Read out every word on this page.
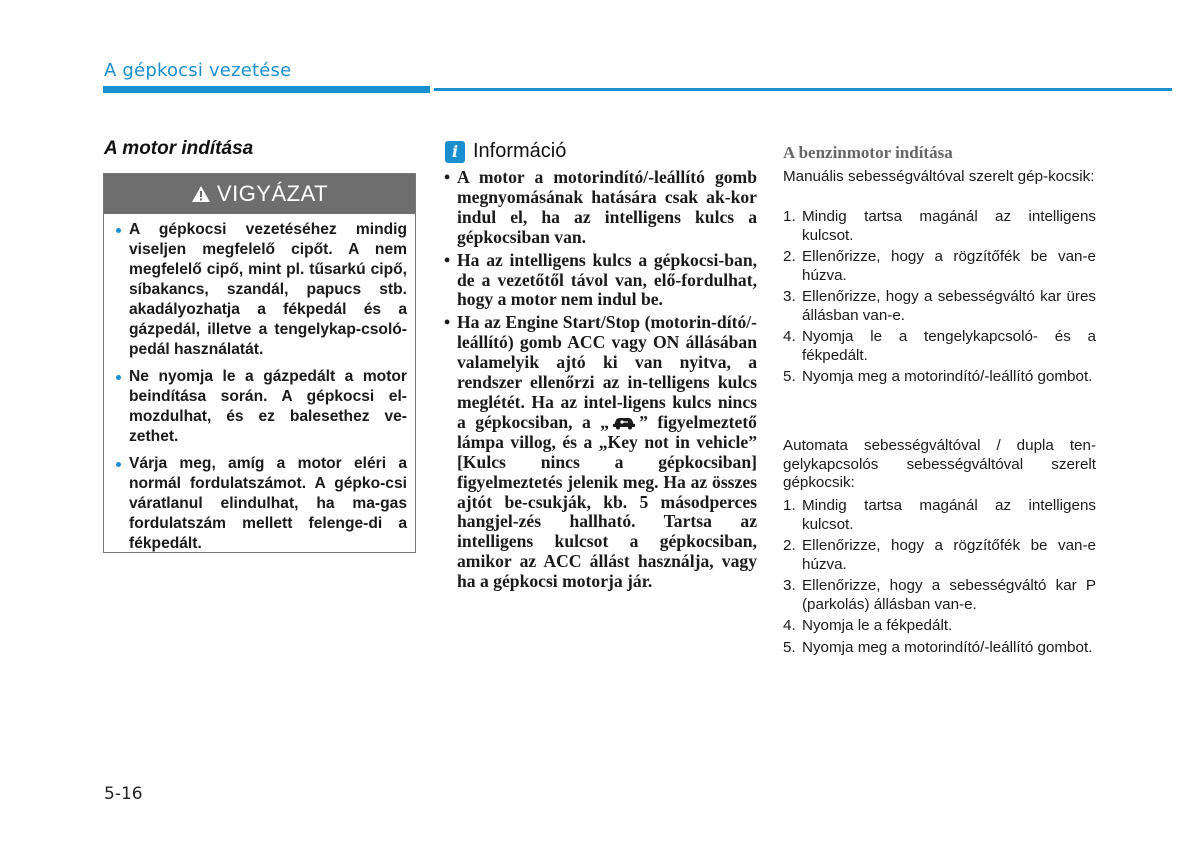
A gépkocsi vezetése
A motor indítása
VIGYÁZAT
A gépkocsi vezetéséhez mindig viseljen megfelelő cipőt. A nem megfelelő cipő, mint pl. tűsarkú cipő, síbakancs, szandál, papucs stb. akadályozhatja a fékpedál és a gázpedál, illetve a tengelykap-csoló-pedál használatát.
Ne nyomja le a gázpedált a motor beindítása során. A gépkocsi el-mozdulhat, és ez balesethez ve-zethet.
Várja meg, amíg a motor eléri a normál fordulatszámot. A gépko-csi váratlanul elindulhat, ha ma-gas fordulatszám mellett felenge-di a fékpedált.
i Információ
• A motor a motorindító/-leállító gomb megnyomásának hatására csak ak-kor indul el, ha az intelligens kulcs a gépkocsiban van.
• Ha az intelligens kulcs a gépkocsi-ban, de a vezetőtől távol van, elő-fordulhat, hogy a motor nem indul be.
• Ha az Engine Start/Stop (motorin-dító/-leállító) gomb ACC vagy ON állásában valamelyik ajtó ki van nyitva, a rendszer ellenőrzi az in-telligens kulcs meglétét. Ha az intel-ligens kulcs nincs a gépkocsiban, a „ ” figyelmeztető lámpa villog, és a „Key not in vehicle” [Kulcs nincs a gépkocsiban] figyelmeztetés jelenik meg. Ha az összes ajtót be-csukják, kb. 5 másodperces hangjel-zés hallható. Tartsa az intelligens kulcsot a gépkocsiban, amikor az ACC állást használja, vagy ha a gépkocsi motorja jár.
A benzinmotor indítása
Manuális sebességváltóval szerelt gép-kocsik:
1. Mindig tartsa magánál az intelligens kulcsot.
2. Ellenőrizze, hogy a rögzítőfék be van-e húzva.
3. Ellenőrizze, hogy a sebességváltó kar üres állásban van-e.
4. Nyomja le a tengelykapcsoló- és a fékpedált.
5. Nyomja meg a motorindító/-leállító gombot.
Automata sebességváltóval / dupla ten-gelykapcsolós sebességváltóval szerelt gépkocsik:
1. Mindig tartsa magánál az intelligens kulcsot.
2. Ellenőrizze, hogy a rögzítőfék be van-e húzva.
3. Ellenőrizze, hogy a sebességváltó kar P (parkolás) állásban van-e.
4. Nyomja le a fékpedált.
5. Nyomja meg a motorindító/-leállító gombot.
5-16
